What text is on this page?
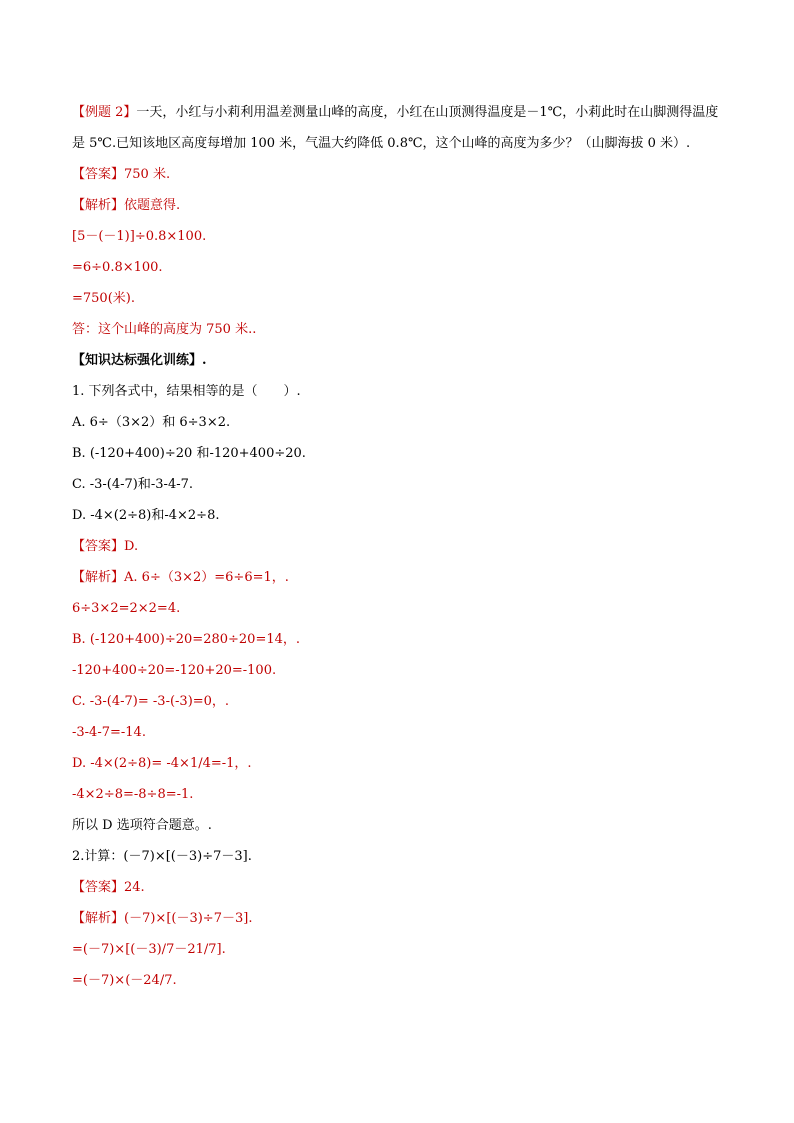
【例题 2】一天，小红与小莉利用温差测量山峰的高度，小红在山顶测得温度是－1℃，小莉此时在山脚测得温度是 5℃.已知该地区高度每增加 100 米，气温大约降低 0.8℃，这个山峰的高度为多少？（山脚海拔 0 米）.
【答案】750 米.
【解析】依题意得.
[5－(－1)]÷0.8×100.
=6÷0.8×100.
=750(米).
答：这个山峰的高度为 750 米..
【知识达标强化训练】.
1. 下列各式中，结果相等的是（　　）.
A. 6÷（3×2）和 6÷3×2.
B. (-120+400)÷20 和-120+400÷20.
C. -3-(4-7)和-3-4-7.
D. -4×(2÷8)和-4×2÷8.
【答案】D.
【解析】A. 6÷（3×2）=6÷6=1，.
6÷3×2=2×2=4.
B. (-120+400)÷20=280÷20=14，.
-120+400÷20=-120+20=-100.
C. -3-(4-7)= -3-(-3)=0，.
-3-4-7=-14.
D. -4×(2÷8)= -4×1/4=-1，.
-4×2÷8=-8÷8=-1.
所以 D 选项符合题意。.
2.计算：(－7)×[(－3)÷7－3].
【答案】24.
【解析】(－7)×[(－3)÷7－3].
=(－7)×[(－3)/7－21/7].
=(－7)×(－24/7.
